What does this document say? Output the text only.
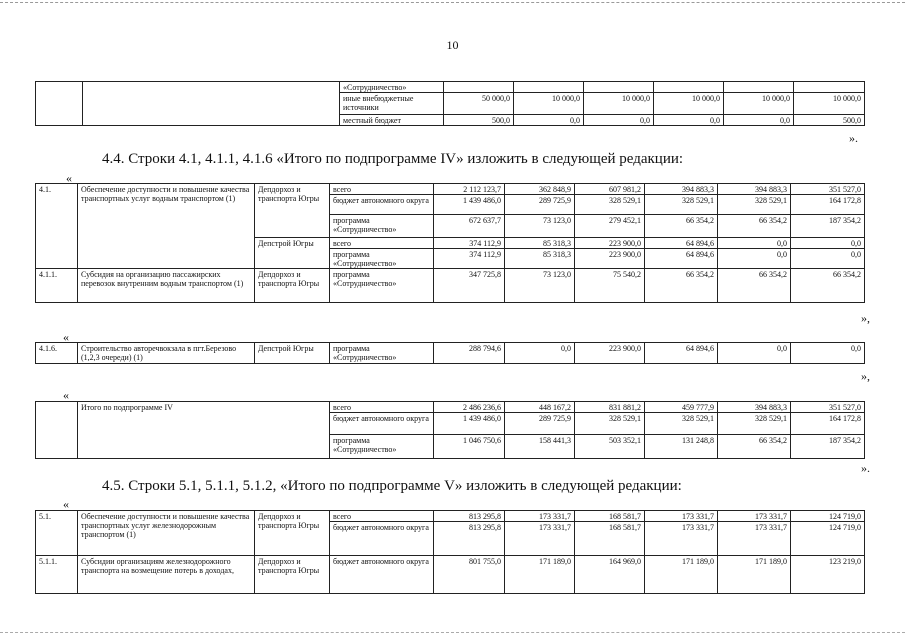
10
		«Сотрудничество»						
		иные внебюджетные источники	50 000,0	10 000,0	10 000,0	10 000,0	10 000,0	10 000,0
		местный бюджет	500,0	0,0	0,0	0,0	0,0	500,0
».
4.4. Строки 4.1, 4.1.1, 4.1.6 «Итого по подпрограмме IV» изложить в следующей редакции:
«
4.1.	Обеспечение доступности и повышение качества транспортных услуг водным транспортом (1)	Депдорхоз и транспорта Югры	всего	2 112 123,7	362 848,9	607 981,2	394 883,3	394 883,3	351 527,0
			бюджет автономного округа	1 439 486,0	289 725,9	328 529,1	328 529,1	328 529,1	164 172,8
			программа «Сотрудничество»	672 637,7	73 123,0	279 452,1	66 354,2	66 354,2	187 354,2
		Депстрой Югры	всего	374 112,9	85 318,3	223 900,0	64 894,6	0,0	0,0
			программа «Сотрудничество»	374 112,9	85 318,3	223 900,0	64 894,6	0,0	0,0
4.1.1.	Субсидия на организацию пассажирских перевозок внутренним водным транспортом (1)	Депдорхоз и транспорта Югры	программа «Сотрудничество»	347 725,8	73 123,0	75 540,2	66 354,2	66 354,2	66 354,2
»,
«
4.1.6.	Строительство автоpечвокзала в пгт.Березово (1,2,3 очереди) (1)	Депстрой Югры	программа «Сотрудничество»	288 794,6	0,0	223 900,0	64 894,6	0,0	0,0
»,
«
	Итого по подпрограмме IV	всего	2 486 236,6	448 167,2	831 881,2	459 777,9	394 883,3	351 527,0
		бюджет автономного округа	1 439 486,0	289 725,9	328 529,1	328 529,1	328 529,1	164 172,8
		программа «Сотрудничество»	1 046 750,6	158 441,3	503 352,1	131 248,8	66 354,2	187 354,2
».
4.5. Строки 5.1, 5.1.1, 5.1.2, «Итого по подпрограмме V» изложить в следующей редакции:
«
5.1.	Обеспечение доступности и повышение качества транспортных услуг железнодорожным транспортом (1)	Депдорхоз и транспорта Югры	всего	813 295,8	173 331,7	168 581,7	173 331,7	173 331,7	124 719,0
			бюджет автономного округа	813 295,8	173 331,7	168 581,7	173 331,7	173 331,7	124 719,0
5.1.1.	Субсидии организациям железнодорожного транспорта на возмещение потерь в доходах,	Депдорхоз и транспорта Югры	бюджет автономного округа	801 755,0	171 189,0	164 969,0	171 189,0	171 189,0	123 219,0
